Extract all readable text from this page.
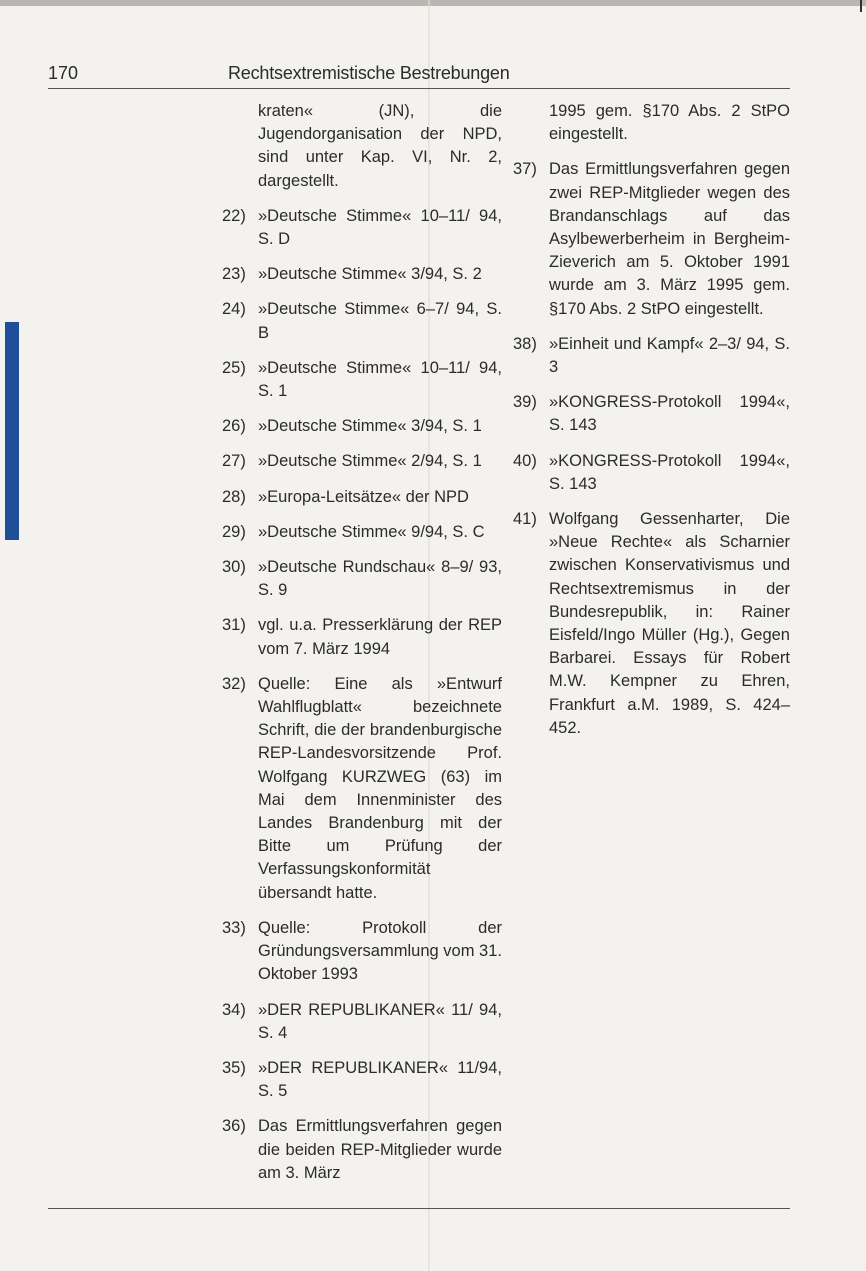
170	Rechtsextremistische Bestrebungen
kraten« (JN), die Jugendorganisation der NPD, sind unter Kap. VI, Nr. 2, dargestellt.
22) »Deutsche Stimme« 10–11/ 94, S. D
23) »Deutsche Stimme« 3/94, S. 2
24) »Deutsche Stimme« 6–7/ 94, S. B
25) »Deutsche Stimme« 10–11/ 94, S. 1
26) »Deutsche Stimme« 3/94, S. 1
27) »Deutsche Stimme« 2/94, S. 1
28) »Europa-Leitsätze« der NPD
29) »Deutsche Stimme« 9/94, S. C
30) »Deutsche Rundschau« 8–9/ 93, S. 9
31) vgl. u.a. Presserklärung der REP vom 7. März 1994
32) Quelle: Eine als »Entwurf Wahlflugblatt« bezeichnete Schrift, die der brandenburgische REP-Landesvorsitzende Prof. Wolfgang KURZWEG (63) im Mai dem Innenminister des Landes Brandenburg mit der Bitte um Prüfung der Verfassungskonformität übersandt hatte.
33) Quelle: Protokoll der Gründungsversammlung vom 31. Oktober 1993
34) »DER REPUBLIKANER« 11/ 94, S. 4
35) »DER REPUBLIKANER« 11/94, S. 5
36) Das Ermittlungsverfahren gegen die beiden REP-Mitglieder wurde am 3. März
1995 gem. §170 Abs. 2 StPO eingestellt.
37) Das Ermittlungsverfahren gegen zwei REP-Mitglieder wegen des Brandanschlags auf das Asylbewerberheim in Bergheim-Zieverich am 5. Oktober 1991 wurde am 3. März 1995 gem. §170 Abs. 2 StPO eingestellt.
38) »Einheit und Kampf« 2–3/ 94, S. 3
39) »KONGRESS-Protokoll 1994«, S. 143
40) »KONGRESS-Protokoll 1994«, S. 143
41) Wolfgang Gessenharter, Die »Neue Rechte« als Scharnier zwischen Konservativismus und Rechtsextremismus in der Bundesrepublik, in: Rainer Eisfeld/Ingo Müller (Hg.), Gegen Barbarei. Essays für Robert M.W. Kempner zu Ehren, Frankfurt a.M. 1989, S. 424–452.
